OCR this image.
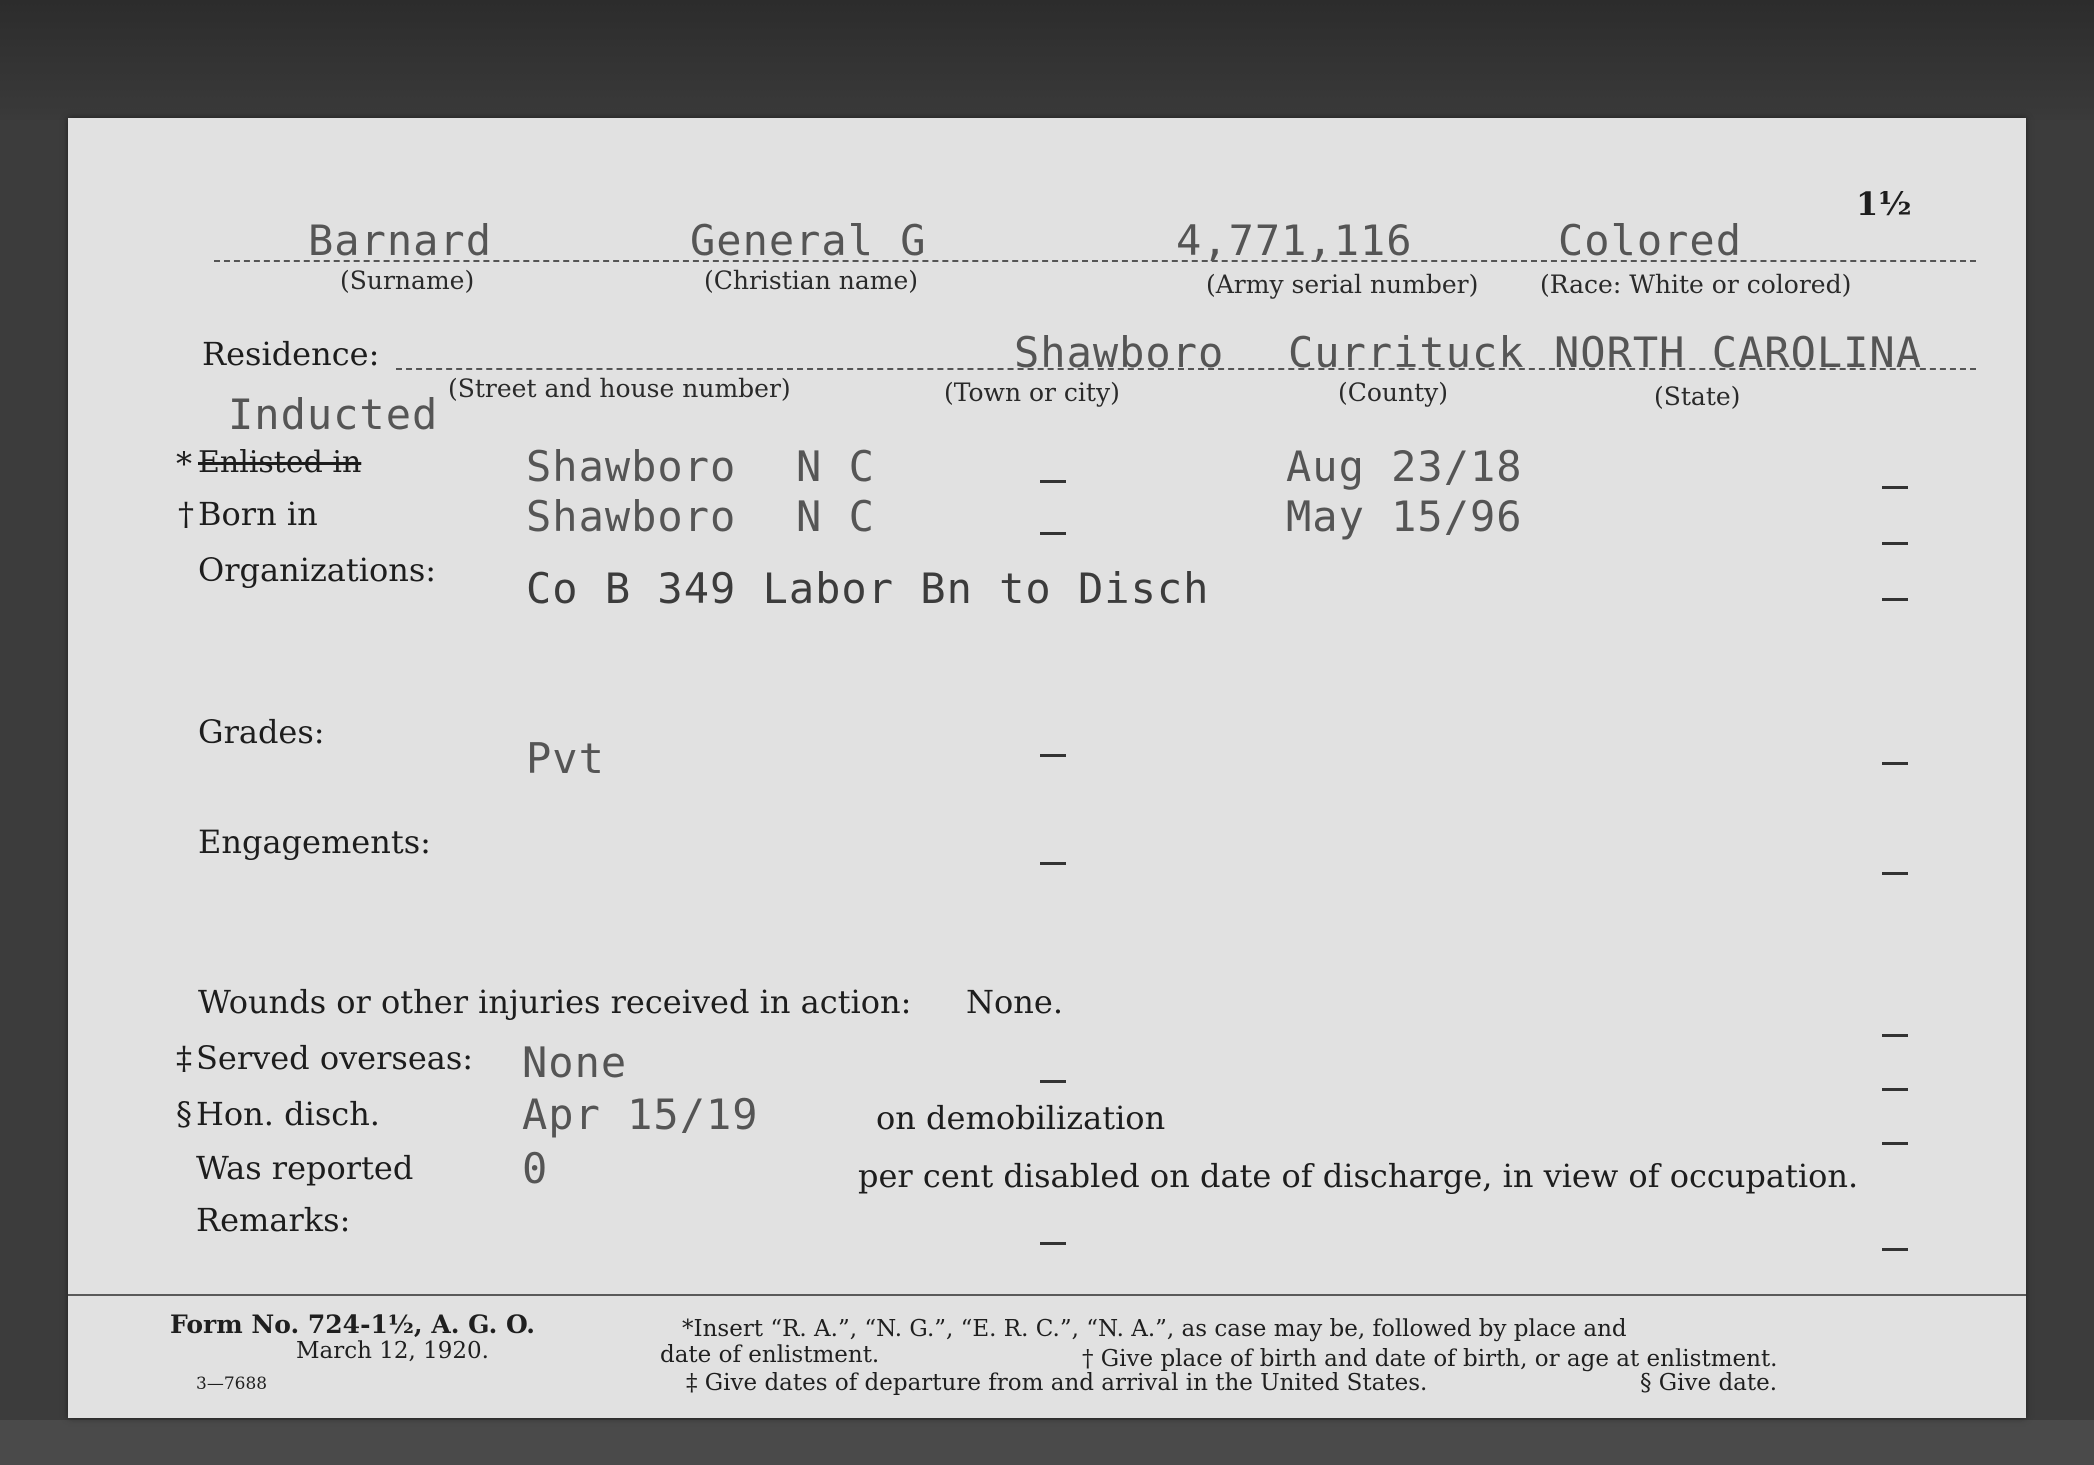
1½
Barnard	General G	4,771,116	Colored
(Surname)	(Christian name)	(Army serial number) (Race: White or colored)
Residence:	Shawboro Currituck NORTH CAROLINA
(Street and house number)	(Town or city)	(County)	(State)
Inducted
* Enlisted in	Shawboro N C	Aug 23/18
† Born in	Shawboro N C	May 15/96
Organizations: Co B 349 Labor Bn to Disch
Grades:
Pvt
Engagements:
Wounds or other injuries received in action: None.
‡ Served overseas: None
§ Hon. disch.	Apr 15/19	on demobilization
Was reported	0	per cent disabled on date of discharge, in view of occupation.
Remarks:
Form No. 724-1½, A. G. O.
March 12, 1920.
3—7688
*Insert “R. A.”, “N. G.”, “E. R. C.”, “N. A.”, as case may be, followed by place and
date of enlistment.	† Give place of birth and date of birth, or age at enlistment.
‡ Give dates of departure from and arrival in the United States.	§ Give date.
